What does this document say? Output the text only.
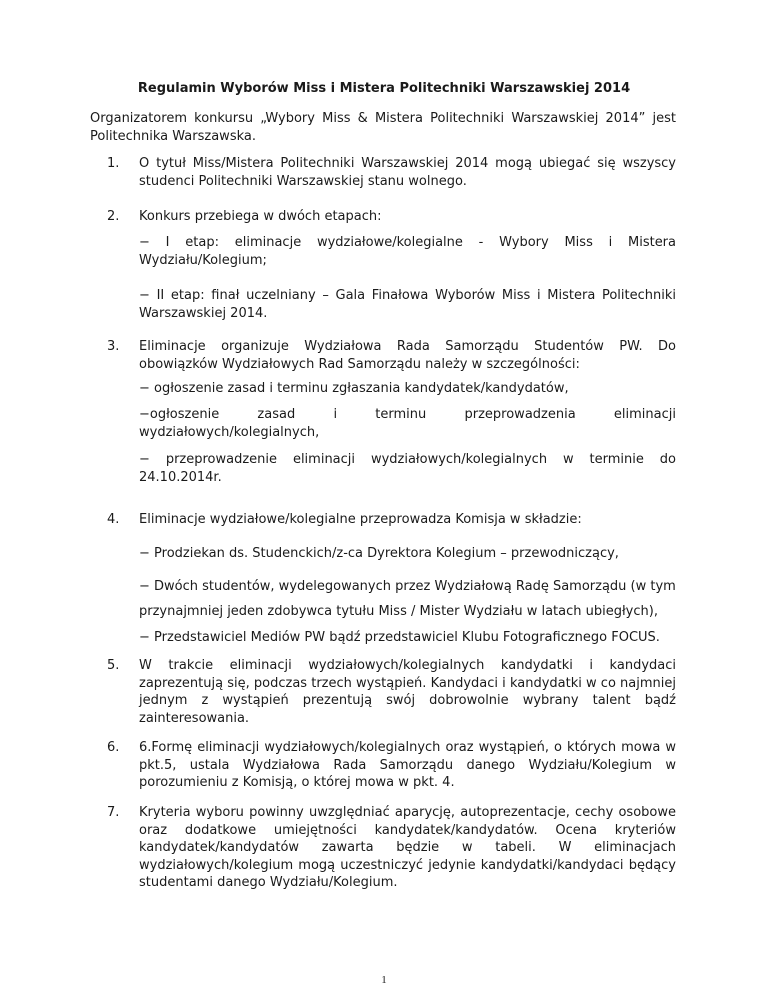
Regulamin Wyborów Miss i Mistera Politechniki Warszawskiej 2014

Organizatorem konkursu „Wybory Miss & Mistera Politechniki Warszawskiej 2014” jest Politechnika Warszawska.

1. O tytuł Miss/Mistera Politechniki Warszawskiej 2014 mogą ubiegać się wszyscy studenci Politechniki Warszawskiej stanu wolnego.

2. Konkurs przebiega w dwóch etapach:

− I etap: eliminacje wydziałowe/kolegialne - Wybory Miss i Mistera Wydziału/Kolegium;

− II etap: finał uczelniany – Gala Finałowa Wyborów Miss i Mistera Politechniki Warszawskiej 2014.

3. Eliminacje organizuje Wydziałowa Rada Samorządu Studentów PW. Do obowiązków Wydziałowych Rad Samorządu należy w szczególności:

− ogłoszenie zasad i terminu zgłaszania kandydatek/kandydatów,

−ogłoszenie zasad i terminu przeprowadzenia eliminacji wydziałowych/kolegialnych,

− przeprowadzenie eliminacji wydziałowych/kolegialnych w terminie do 24.10.2014r.

4. Eliminacje wydziałowe/kolegialne przeprowadza Komisja w składzie:

− Prodziekan ds. Studenckich/z-ca Dyrektora Kolegium – przewodniczący,

− Dwóch studentów, wydelegowanych przez Wydziałową Radę Samorządu (w tym

przynajmniej jeden zdobywca tytułu Miss / Mister Wydziału w latach ubiegłych),

− Przedstawiciel Mediów PW bądź przedstawiciel Klubu Fotograficznego FOCUS.

5. W trakcie eliminacji wydziałowych/kolegialnych kandydatki i kandydaci zaprezentują się, podczas trzech wystąpień. Kandydaci i kandydatki w co najmniej jednym z wystąpień prezentują swój dobrowolnie wybrany talent bądź zainteresowania.

6. 6.Formę eliminacji wydziałowych/kolegialnych oraz wystąpień, o których mowa w pkt.5, ustala Wydziałowa Rada Samorządu danego Wydziału/Kolegium w porozumieniu z Komisją, o której mowa w pkt. 4.

7. Kryteria wyboru powinny uwzględniać aparycję, autoprezentacje, cechy osobowe oraz dodatkowe umiejętności kandydatek/kandydatów. Ocena kryteriów kandydatek/kandydatów zawarta będzie w tabeli. W eliminacjach wydziałowych/kolegium mogą uczestniczyć jedynie kandydatki/kandydaci będący studentami danego Wydziału/Kolegium.

1
